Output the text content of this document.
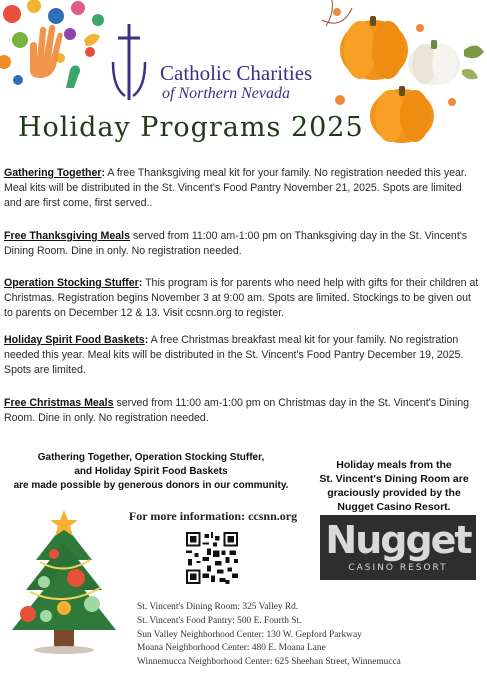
Catholic Charities
of Northern Nevada
Holiday Programs 2025
Gathering Together: A free Thanksgiving meal kit for your family. No registration needed this year. Meal kits will be distributed in the St. Vincent's Food Pantry November 21, 2025. Spots are limited and are first come, first served..
Free Thanksgiving Meals served from 11:00 am-1:00 pm on Thanksgiving day in the St. Vincent's Dining Room. Dine in only. No registration needed.
Operation Stocking Stuffer: This program is for parents who need help with gifts for their children at Christmas. Registration begins November 3 at 9:00 am. Spots are limited. Stockings to be given out to parents on December 12 & 13. Visit ccsnn.org to register.
Holiday Spirit Food Baskets: A free Christmas breakfast meal kit for your family. No registration needed this year. Meal kits will be distributed in the St. Vincent's Food Pantry December 19, 2025. Spots are limited.
Free Christmas Meals served from 11:00 am-1:00 pm on Christmas day in the St. Vincent's Dining Room. Dine in only. No registration needed.
Gathering Together, Operation Stocking Stuffer,
and Holiday Spirit Food Baskets
are made possible by generous donors in our community.
Holiday meals from the
St. Vincent's Dining Room are
graciously provided by the
Nugget Casino Resort.
For more information: ccsnn.org
Nugget
CASINO RESORT
St. Vincent's Dining Room: 325 Valley Rd.
St. Vincent's Food Pantry: 500 E. Fourth St.
Sun Valley Neighborhood Center: 130 W. Gepford Parkway
Moana Neighborhood Center: 480 E. Moana Lane
Winnemucca Neighborhood Center: 625 Sheehan Street, Winnemucca
